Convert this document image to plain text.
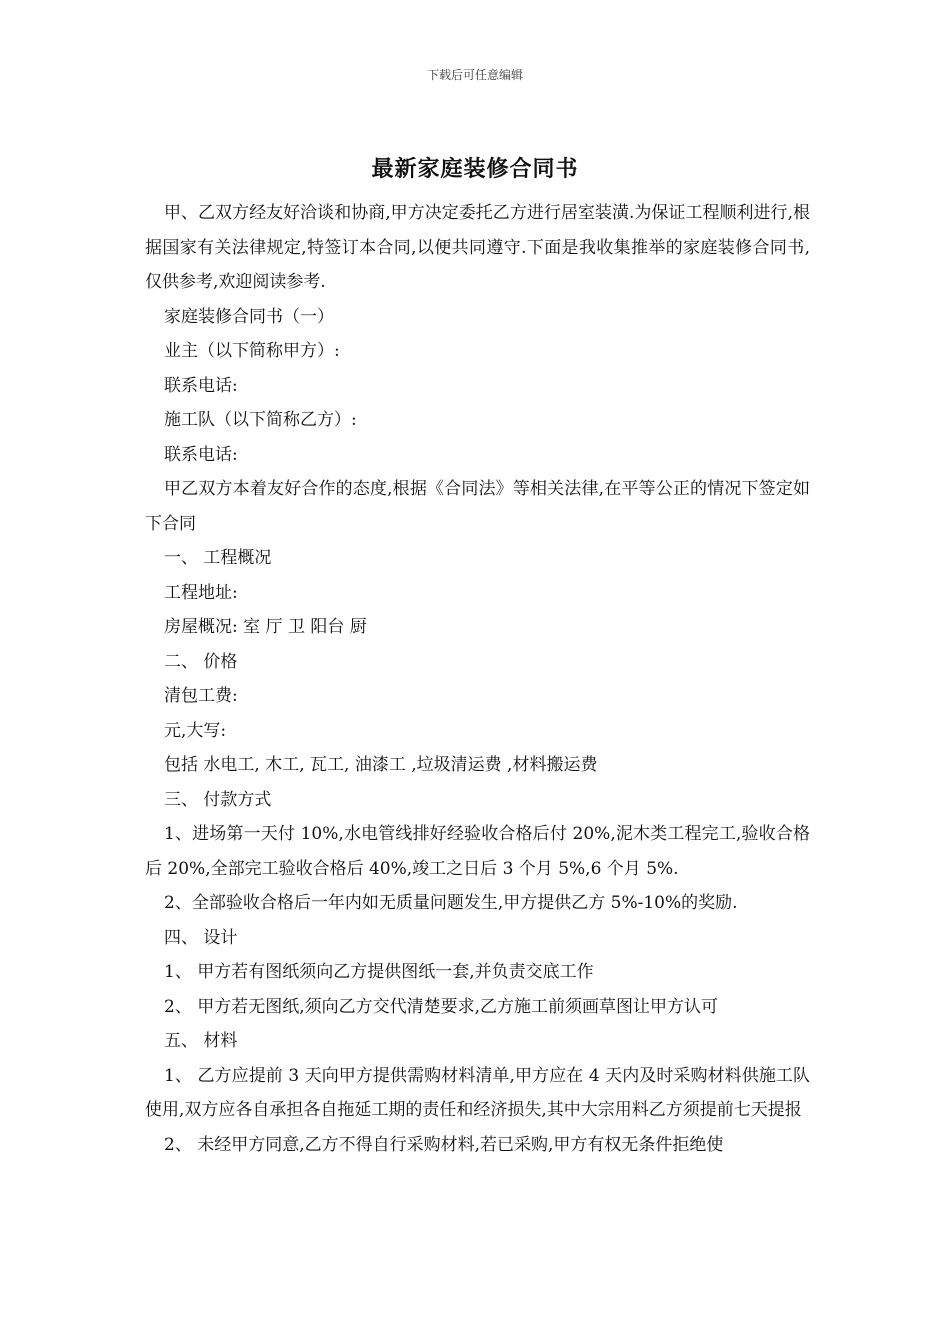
下载后可任意编辑
最新家庭装修合同书

甲、乙双方经友好洽谈和协商,甲方决定委托乙方进行居室装潢.为保证工程顺利进行,根据国家有关法律规定,特签订本合同,以便共同遵守.下面是我收集推举的家庭装修合同书,仅供参考,欢迎阅读参考.

家庭装修合同书（一）

业主（以下简称甲方）:

联系电话:

施工队（以下简称乙方）:

联系电话:

甲乙双方本着友好合作的态度,根据《合同法》等相关法律,在平等公正的情况下签定如下合同

一、 工程概况

工程地址:

房屋概况: 室 厅 卫 阳台 厨

二、 价格

清包工费:

元,大写:

包括 水电工, 木工, 瓦工, 油漆工 ,垃圾清运费 ,材料搬运费

三、 付款方式

1、进场第一天付 10%,水电管线排好经验收合格后付 20%,泥木类工程完工,验收合格后 20%,全部完工验收合格后 40%,竣工之日后 3 个月 5%,6 个月 5%.

2、全部验收合格后一年内如无质量问题发生,甲方提供乙方 5%-10%的奖励.

四、 设计

1、 甲方若有图纸须向乙方提供图纸一套,并负责交底工作

2、 甲方若无图纸,须向乙方交代清楚要求,乙方施工前须画草图让甲方认可

五、 材料

1、 乙方应提前 3 天向甲方提供需购材料清单,甲方应在 4 天内及时采购材料供施工队使用,双方应各自承担各自拖延工期的责任和经济损失,其中大宗用料乙方须提前七天提报

2、 未经甲方同意,乙方不得自行采购材料,若已采购,甲方有权无条件拒绝使
